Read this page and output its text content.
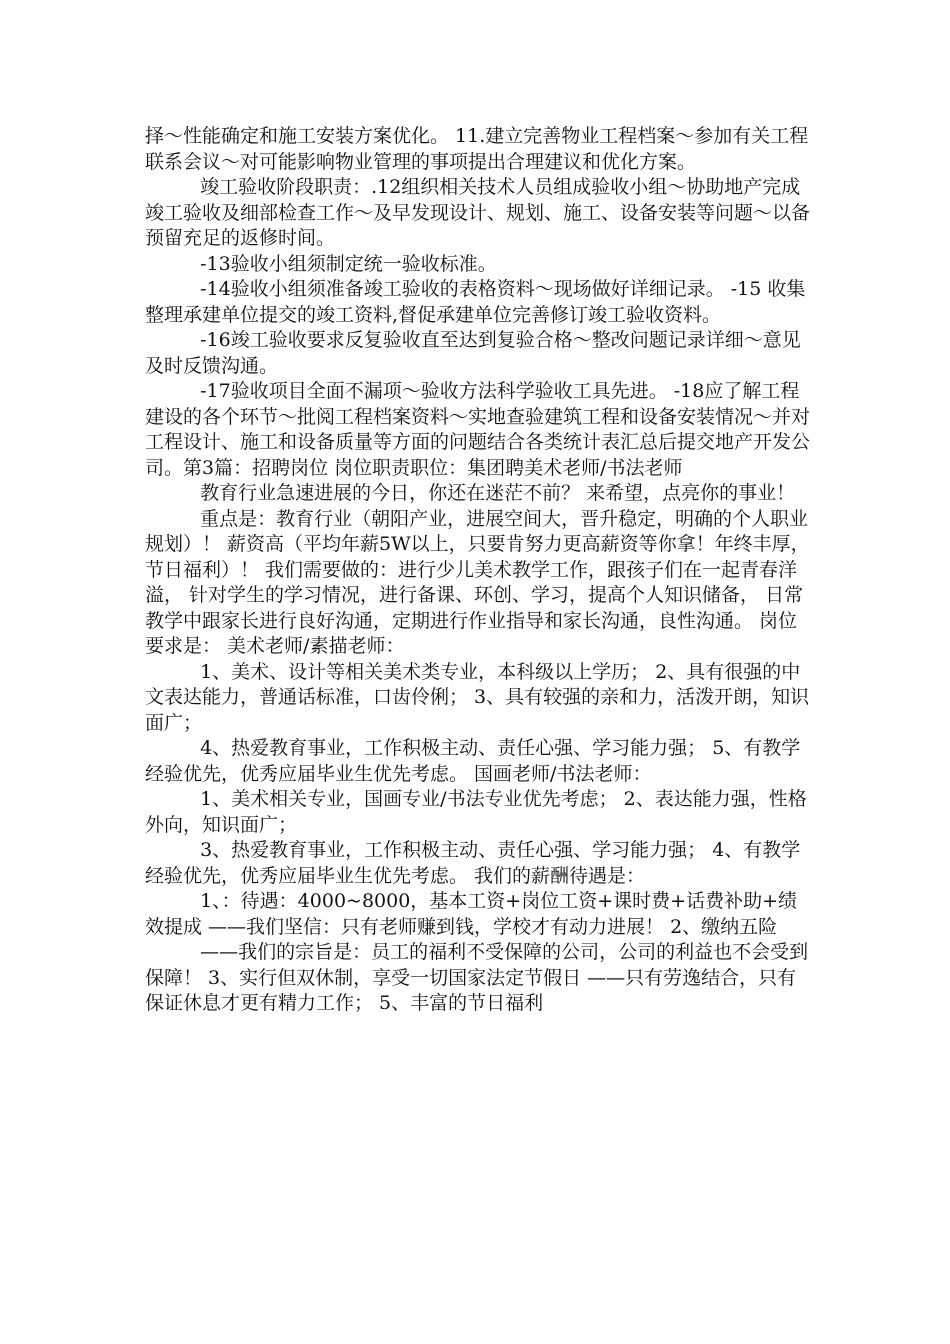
择～性能确定和施工安装方案优化。 11.建立完善物业工程档案～参加有关工程联系会议～对可能影响物业管理的事项提出合理建议和优化方案。

竣工验收阶段职责：.12组织相关技术人员组成验收小组～协助地产完成竣工验收及细部检查工作～及早发现设计、规划、施工、设备安装等问题～以备预留充足的返修时间。

-13验收小组须制定统一验收标准。

-14验收小组须准备竣工验收的表格资料～现场做好详细记录。 -15 收集整理承建单位提交的竣工资料,督促承建单位完善修订竣工验收资料。

-16竣工验收要求反复验收直至达到复验合格～整改问题记录详细～意见及时反馈沟通。

-17验收项目全面不漏项～验收方法科学验收工具先进。 -18应了解工程建设的各个环节～批阅工程档案资料～实地查验建筑工程和设备安装情况～并对工程设计、施工和设备质量等方面的问题结合各类统计表汇总后提交地产开发公司。第3篇：招聘岗位 岗位职责职位：集团聘美术老师/书法老师

教育行业急速进展的今日，你还在迷茫不前？ 来希望，点亮你的事业！

重点是：教育行业（朝阳产业，进展空间大，晋升稳定，明确的个人职业规划）！ 薪资高（平均年薪5W以上，只要肯努力更高薪资等你拿！年终丰厚，节日福利）！ 我们需要做的：进行少儿美术教学工作，跟孩子们在一起青春洋溢， 针对学生的学习情况，进行备课、环创、学习，提高个人知识储备， 日常教学中跟家长进行良好沟通，定期进行作业指导和家长沟通，良性沟通。 岗位要求是： 美术老师/素描老师：

1、美术、设计等相关美术类专业，本科级以上学历； 2、具有很强的中文表达能力，普通话标准，口齿伶俐； 3、具有较强的亲和力，活泼开朗，知识面广；

4、热爱教育事业，工作积极主动、责任心强、学习能力强； 5、有教学经验优先，优秀应届毕业生优先考虑。 国画老师/书法老师：

1、美术相关专业，国画专业/书法专业优先考虑； 2、表达能力强，性格外向，知识面广；

3、热爱教育事业，工作积极主动、责任心强、学习能力强； 4、有教学经验优先，优秀应届毕业生优先考虑。 我们的薪酬待遇是：

1、：待遇：4000~8000，基本工资+岗位工资+课时费+话费补助+绩效提成 ——我们坚信：只有老师赚到钱，学校才有动力进展！ 2、缴纳五险

——我们的宗旨是：员工的福利不受保障的公司，公司的利益也不会受到保障！ 3、实行但双休制，享受一切国家法定节假日 ——只有劳逸结合，只有保证休息才更有精力工作； 5、丰富的节日福利
